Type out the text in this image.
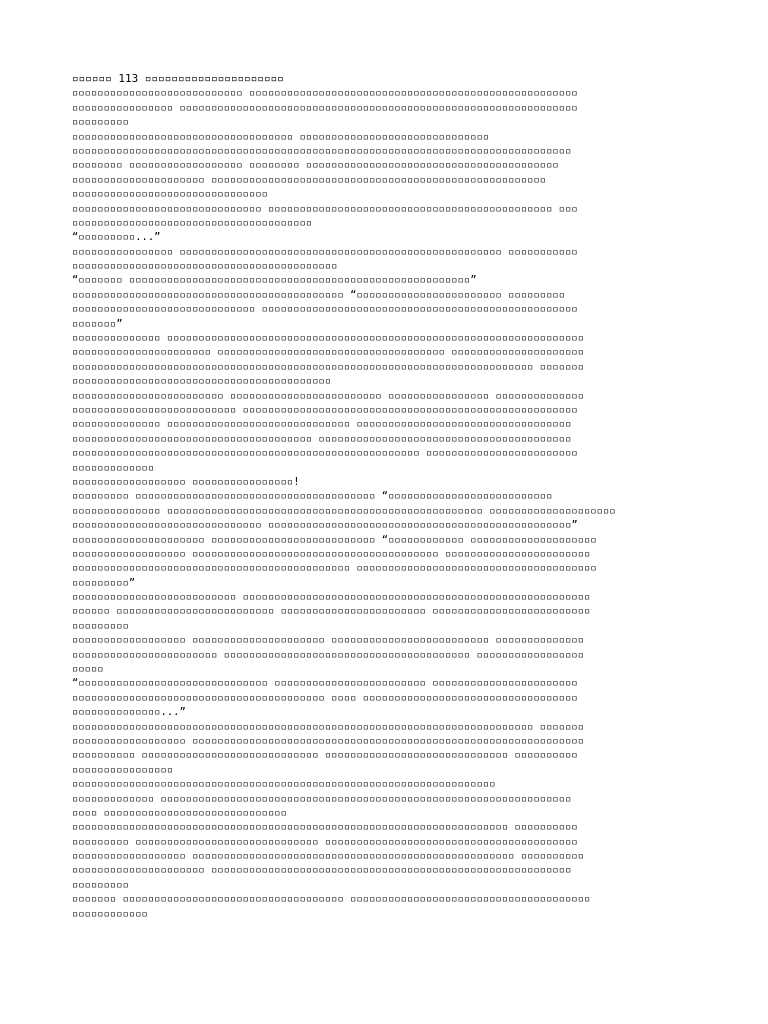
▫▫▫▫▫▫ 113 ▫▫▫▫▫▫▫▫▫▫▫▫▫▫▫▫▫▫▫▫▫
▫▫▫▫▫▫▫▫▫▫▫▫▫▫▫▫▫▫▫▫▫▫▫▫▫▫▫ ▫▫▫▫▫▫▫▫▫▫▫▫▫▫▫▫▫▫▫▫▫▫▫▫▫▫▫▫▫▫▫▫▫▫▫▫▫▫▫▫▫▫▫▫▫▫▫▫▫▫▫▫
▫▫▫▫▫▫▫▫▫▫▫▫▫▫▫▫ ▫▫▫▫▫▫▫▫▫▫▫▫▫▫▫▫▫▫▫▫▫▫▫▫▫▫▫▫▫▫▫▫▫▫▫▫▫▫▫▫▫▫▫▫▫▫▫▫▫▫▫▫▫▫▫▫▫▫▫▫▫▫▫
▫▫▫▫▫▫▫▫▫
▫▫▫▫▫▫▫▫▫▫▫▫▫▫▫▫▫▫▫▫▫▫▫▫▫▫▫▫▫▫▫▫▫▫▫ ▫▫▫▫▫▫▫▫▫▫▫▫▫▫▫▫▫▫▫▫▫▫▫▫▫▫▫▫▫▫
▫▫▫▫▫▫▫▫▫▫▫▫▫▫▫▫▫▫▫▫▫▫▫▫▫▫▫▫▫▫▫▫▫▫▫▫▫▫▫▫▫▫▫▫▫▫▫▫▫▫▫▫▫▫▫▫▫▫▫▫▫▫▫▫▫▫▫▫▫▫▫▫▫▫▫▫▫▫▫
▫▫▫▫▫▫▫▫ ▫▫▫▫▫▫▫▫▫▫▫▫▫▫▫▫▫▫ ▫▫▫▫▫▫▫▫ ▫▫▫▫▫▫▫▫▫▫▫▫▫▫▫▫▫▫▫▫▫▫▫▫▫▫▫▫▫▫▫▫▫▫▫▫▫▫▫▫
▫▫▫▫▫▫▫▫▫▫▫▫▫▫▫▫▫▫▫▫▫ ▫▫▫▫▫▫▫▫▫▫▫▫▫▫▫▫▫▫▫▫▫▫▫▫▫▫▫▫▫▫▫▫▫▫▫▫▫▫▫▫▫▫▫▫▫▫▫▫▫▫▫▫▫
▫▫▫▫▫▫▫▫▫▫▫▫▫▫▫▫▫▫▫▫▫▫▫▫▫▫▫▫▫▫▫
▫▫▫▫▫▫▫▫▫▫▫▫▫▫▫▫▫▫▫▫▫▫▫▫▫▫▫▫▫▫ ▫▫▫▫▫▫▫▫▫▫▫▫▫▫▫▫▫▫▫▫▫▫▫▫▫▫▫▫▫▫▫▫▫▫▫▫▫▫▫▫▫▫▫▫▫ ▫▫▫
▫▫▫▫▫▫▫▫▫▫▫▫▫▫▫▫▫▫▫▫▫▫▫▫▫▫▫▫▫▫▫▫▫▫▫▫▫▫
“▫▫▫▫▫▫▫▫▫...”
▫▫▫▫▫▫▫▫▫▫▫▫▫▫▫▫ ▫▫▫▫▫▫▫▫▫▫▫▫▫▫▫▫▫▫▫▫▫▫▫▫▫▫▫▫▫▫▫▫▫▫▫▫▫▫▫▫▫▫▫▫▫▫▫▫▫▫▫ ▫▫▫▫▫▫▫▫▫▫▫
▫▫▫▫▫▫▫▫▫▫▫▫▫▫▫▫▫▫▫▫▫▫▫▫▫▫▫▫▫▫▫▫▫▫▫▫▫▫▫▫▫▫
“▫▫▫▫▫▫▫ ▫▫▫▫▫▫▫▫▫▫▫▫▫▫▫▫▫▫▫▫▫▫▫▫▫▫▫▫▫▫▫▫▫▫▫▫▫▫▫▫▫▫▫▫▫▫▫▫▫▫▫▫▫▫”
▫▫▫▫▫▫▫▫▫▫▫▫▫▫▫▫▫▫▫▫▫▫▫▫▫▫▫▫▫▫▫▫▫▫▫▫▫▫▫▫▫▫▫ “▫▫▫▫▫▫▫▫▫▫▫▫▫▫▫▫▫▫▫▫▫▫▫ ▫▫▫▫▫▫▫▫▫
▫▫▫▫▫▫▫▫▫▫▫▫▫▫▫▫▫▫▫▫▫▫▫▫▫▫▫▫▫ ▫▫▫▫▫▫▫▫▫▫▫▫▫▫▫▫▫▫▫▫▫▫▫▫▫▫▫▫▫▫▫▫▫▫▫▫▫▫▫▫▫▫▫▫▫▫▫▫▫▫
▫▫▫▫▫▫▫”
▫▫▫▫▫▫▫▫▫▫▫▫▫▫ ▫▫▫▫▫▫▫▫▫▫▫▫▫▫▫▫▫▫▫▫▫▫▫▫▫▫▫▫▫▫▫▫▫▫▫▫▫▫▫▫▫▫▫▫▫▫▫▫▫▫▫▫▫▫▫▫▫▫▫▫▫▫▫▫▫▫
▫▫▫▫▫▫▫▫▫▫▫▫▫▫▫▫▫▫▫▫▫▫ ▫▫▫▫▫▫▫▫▫▫▫▫▫▫▫▫▫▫▫▫▫▫▫▫▫▫▫▫▫▫▫▫▫▫▫▫ ▫▫▫▫▫▫▫▫▫▫▫▫▫▫▫▫▫▫▫▫▫
▫▫▫▫▫▫▫▫▫▫▫▫▫▫▫▫▫▫▫▫▫▫▫▫▫▫▫▫▫▫▫▫▫▫▫▫▫▫▫▫▫▫▫▫▫▫▫▫▫▫▫▫▫▫▫▫▫▫▫▫▫▫▫▫▫▫▫▫▫▫▫▫▫ ▫▫▫▫▫▫▫
▫▫▫▫▫▫▫▫▫▫▫▫▫▫▫▫▫▫▫▫▫▫▫▫▫▫▫▫▫▫▫▫▫▫▫▫▫▫▫▫▫
▫▫▫▫▫▫▫▫▫▫▫▫▫▫▫▫▫▫▫▫▫▫▫▫ ▫▫▫▫▫▫▫▫▫▫▫▫▫▫▫▫▫▫▫▫▫▫▫▫ ▫▫▫▫▫▫▫▫▫▫▫▫▫▫▫▫ ▫▫▫▫▫▫▫▫▫▫▫▫▫▫
▫▫▫▫▫▫▫▫▫▫▫▫▫▫▫▫▫▫▫▫▫▫▫▫▫▫ ▫▫▫▫▫▫▫▫▫▫▫▫▫▫▫▫▫▫▫▫▫▫▫▫▫▫▫▫▫▫▫▫▫▫▫▫▫▫▫▫▫▫▫▫▫▫▫▫▫▫▫▫▫
▫▫▫▫▫▫▫▫▫▫▫▫▫▫ ▫▫▫▫▫▫▫▫▫▫▫▫▫▫▫▫▫▫▫▫▫▫▫▫▫▫▫▫▫ ▫▫▫▫▫▫▫▫▫▫▫▫▫▫▫▫▫▫▫▫▫▫▫▫▫▫▫▫▫▫▫▫▫▫
▫▫▫▫▫▫▫▫▫▫▫▫▫▫▫▫▫▫▫▫▫▫▫▫▫▫▫▫▫▫▫▫▫▫▫▫▫▫ ▫▫▫▫▫▫▫▫▫▫▫▫▫▫▫▫▫▫▫▫▫▫▫▫▫▫▫▫▫▫▫▫▫▫▫▫▫▫▫▫
▫▫▫▫▫▫▫▫▫▫▫▫▫▫▫▫▫▫▫▫▫▫▫▫▫▫▫▫▫▫▫▫▫▫▫▫▫▫▫▫▫▫▫▫▫▫▫▫▫▫▫▫▫▫▫ ▫▫▫▫▫▫▫▫▫▫▫▫▫▫▫▫▫▫▫▫▫▫▫▫
▫▫▫▫▫▫▫▫▫▫▫▫▫
▫▫▫▫▫▫▫▫▫▫▫▫▫▫▫▫▫▫ ▫▫▫▫▫▫▫▫▫▫▫▫▫▫▫▫!
▫▫▫▫▫▫▫▫▫ ▫▫▫▫▫▫▫▫▫▫▫▫▫▫▫▫▫▫▫▫▫▫▫▫▫▫▫▫▫▫▫▫▫▫▫▫▫▫ “▫▫▫▫▫▫▫▫▫▫▫▫▫▫▫▫▫▫▫▫▫▫▫▫▫▫
▫▫▫▫▫▫▫▫▫▫▫▫▫▫ ▫▫▫▫▫▫▫▫▫▫▫▫▫▫▫▫▫▫▫▫▫▫▫▫▫▫▫▫▫▫▫▫▫▫▫▫▫▫▫▫▫▫▫▫▫▫▫▫▫▫ ▫▫▫▫▫▫▫▫▫▫▫▫▫▫▫▫▫▫▫▫
▫▫▫▫▫▫▫▫▫▫▫▫▫▫▫▫▫▫▫▫▫▫▫▫▫▫▫▫▫▫ ▫▫▫▫▫▫▫▫▫▫▫▫▫▫▫▫▫▫▫▫▫▫▫▫▫▫▫▫▫▫▫▫▫▫▫▫▫▫▫▫▫▫▫▫▫▫▫▫”
▫▫▫▫▫▫▫▫▫▫▫▫▫▫▫▫▫▫▫▫▫ ▫▫▫▫▫▫▫▫▫▫▫▫▫▫▫▫▫▫▫▫▫▫▫▫▫▫ “▫▫▫▫▫▫▫▫▫▫▫▫ ▫▫▫▫▫▫▫▫▫▫▫▫▫▫▫▫▫▫▫▫
▫▫▫▫▫▫▫▫▫▫▫▫▫▫▫▫▫▫ ▫▫▫▫▫▫▫▫▫▫▫▫▫▫▫▫▫▫▫▫▫▫▫▫▫▫▫▫▫▫▫▫▫▫▫▫▫▫▫ ▫▫▫▫▫▫▫▫▫▫▫▫▫▫▫▫▫▫▫▫▫▫▫
▫▫▫▫▫▫▫▫▫▫▫▫▫▫▫▫▫▫▫▫▫▫▫▫▫▫▫▫▫▫▫▫▫▫▫▫▫▫▫▫▫▫▫▫ ▫▫▫▫▫▫▫▫▫▫▫▫▫▫▫▫▫▫▫▫▫▫▫▫▫▫▫▫▫▫▫▫▫▫▫▫▫▫
▫▫▫▫▫▫▫▫▫”
▫▫▫▫▫▫▫▫▫▫▫▫▫▫▫▫▫▫▫▫▫▫▫▫▫▫ ▫▫▫▫▫▫▫▫▫▫▫▫▫▫▫▫▫▫▫▫▫▫▫▫▫▫▫▫▫▫▫▫▫▫▫▫▫▫▫▫▫▫▫▫▫▫▫▫▫▫▫▫▫▫▫
▫▫▫▫▫▫ ▫▫▫▫▫▫▫▫▫▫▫▫▫▫▫▫▫▫▫▫▫▫▫▫▫ ▫▫▫▫▫▫▫▫▫▫▫▫▫▫▫▫▫▫▫▫▫▫▫ ▫▫▫▫▫▫▫▫▫▫▫▫▫▫▫▫▫▫▫▫▫▫▫▫▫
▫▫▫▫▫▫▫▫▫
▫▫▫▫▫▫▫▫▫▫▫▫▫▫▫▫▫▫ ▫▫▫▫▫▫▫▫▫▫▫▫▫▫▫▫▫▫▫▫▫ ▫▫▫▫▫▫▫▫▫▫▫▫▫▫▫▫▫▫▫▫▫▫▫▫▫ ▫▫▫▫▫▫▫▫▫▫▫▫▫▫
▫▫▫▫▫▫▫▫▫▫▫▫▫▫▫▫▫▫▫▫▫▫▫ ▫▫▫▫▫▫▫▫▫▫▫▫▫▫▫▫▫▫▫▫▫▫▫▫▫▫▫▫▫▫▫▫▫▫▫▫▫▫▫ ▫▫▫▫▫▫▫▫▫▫▫▫▫▫▫▫▫
▫▫▫▫▫
“▫▫▫▫▫▫▫▫▫▫▫▫▫▫▫▫▫▫▫▫▫▫▫▫▫▫▫▫▫▫ ▫▫▫▫▫▫▫▫▫▫▫▫▫▫▫▫▫▫▫▫▫▫▫▫ ▫▫▫▫▫▫▫▫▫▫▫▫▫▫▫▫▫▫▫▫▫▫▫
▫▫▫▫▫▫▫▫▫▫▫▫▫▫▫▫▫▫▫▫▫▫▫▫▫▫▫▫▫▫▫▫▫▫▫▫▫▫▫▫ ▫▫▫▫ ▫▫▫▫▫▫▫▫▫▫▫▫▫▫▫▫▫▫▫▫▫▫▫▫▫▫▫▫▫▫▫▫▫▫
▫▫▫▫▫▫▫▫▫▫▫▫▫▫...”
▫▫▫▫▫▫▫▫▫▫▫▫▫▫▫▫▫▫▫▫▫▫▫▫▫▫▫▫▫▫▫▫▫▫▫▫▫▫▫▫▫▫▫▫▫▫▫▫▫▫▫▫▫▫▫▫▫▫▫▫▫▫▫▫▫▫▫▫▫▫▫▫▫ ▫▫▫▫▫▫▫
▫▫▫▫▫▫▫▫▫▫▫▫▫▫▫▫▫▫ ▫▫▫▫▫▫▫▫▫▫▫▫▫▫▫▫▫▫▫▫▫▫▫▫▫▫▫▫▫▫▫▫▫▫▫▫▫▫▫▫▫▫▫▫▫▫▫▫▫▫▫▫▫▫▫▫▫▫▫▫▫▫
▫▫▫▫▫▫▫▫▫▫ ▫▫▫▫▫▫▫▫▫▫▫▫▫▫▫▫▫▫▫▫▫▫▫▫▫▫▫▫ ▫▫▫▫▫▫▫▫▫▫▫▫▫▫▫▫▫▫▫▫▫▫▫▫▫▫▫▫▫ ▫▫▫▫▫▫▫▫▫▫
▫▫▫▫▫▫▫▫▫▫▫▫▫▫▫▫
▫▫▫▫▫▫▫▫▫▫▫▫▫▫▫▫▫▫▫▫▫▫▫▫▫▫▫▫▫▫▫▫▫▫▫▫▫▫▫▫▫▫▫▫▫▫▫▫▫▫▫▫▫▫▫▫▫▫▫▫▫▫▫▫▫▫▫
▫▫▫▫▫▫▫▫▫▫▫▫▫ ▫▫▫▫▫▫▫▫▫▫▫▫▫▫▫▫▫▫▫▫▫▫▫▫▫▫▫▫▫▫▫▫▫▫▫▫▫▫▫▫▫▫▫▫▫▫▫▫▫▫▫▫▫▫▫▫▫▫▫▫▫▫▫▫▫
▫▫▫▫ ▫▫▫▫▫▫▫▫▫▫▫▫▫▫▫▫▫▫▫▫▫▫▫▫▫▫▫▫▫
▫▫▫▫▫▫▫▫▫▫▫▫▫▫▫▫▫▫▫▫▫▫▫▫▫▫▫▫▫▫▫▫▫▫▫▫▫▫▫▫▫▫▫▫▫▫▫▫▫▫▫▫▫▫▫▫▫▫▫▫▫▫▫▫▫▫▫▫▫ ▫▫▫▫▫▫▫▫▫▫
▫▫▫▫▫▫▫▫▫ ▫▫▫▫▫▫▫▫▫▫▫▫▫▫▫▫▫▫▫▫▫▫▫▫▫▫▫▫▫ ▫▫▫▫▫▫▫▫▫▫▫▫▫▫▫▫▫▫▫▫▫▫▫▫▫▫▫▫▫▫▫▫▫▫▫▫▫▫▫▫
▫▫▫▫▫▫▫▫▫▫▫▫▫▫▫▫▫▫ ▫▫▫▫▫▫▫▫▫▫▫▫▫▫▫▫▫▫▫▫▫▫▫▫▫▫▫▫▫▫▫▫▫▫▫▫▫▫▫▫▫▫▫▫▫▫▫▫▫▫▫ ▫▫▫▫▫▫▫▫▫▫
▫▫▫▫▫▫▫▫▫▫▫▫▫▫▫▫▫▫▫▫▫ ▫▫▫▫▫▫▫▫▫▫▫▫▫▫▫▫▫▫▫▫▫▫▫▫▫▫▫▫▫▫▫▫▫▫▫▫▫▫▫▫▫▫▫▫▫▫▫▫▫▫▫▫▫▫▫▫▫
▫▫▫▫▫▫▫▫▫
▫▫▫▫▫▫▫ ▫▫▫▫▫▫▫▫▫▫▫▫▫▫▫▫▫▫▫▫▫▫▫▫▫▫▫▫▫▫▫▫▫▫▫ ▫▫▫▫▫▫▫▫▫▫▫▫▫▫▫▫▫▫▫▫▫▫▫▫▫▫▫▫▫▫▫▫▫▫▫▫▫▫
▫▫▫▫▫▫▫▫▫▫▫▫
